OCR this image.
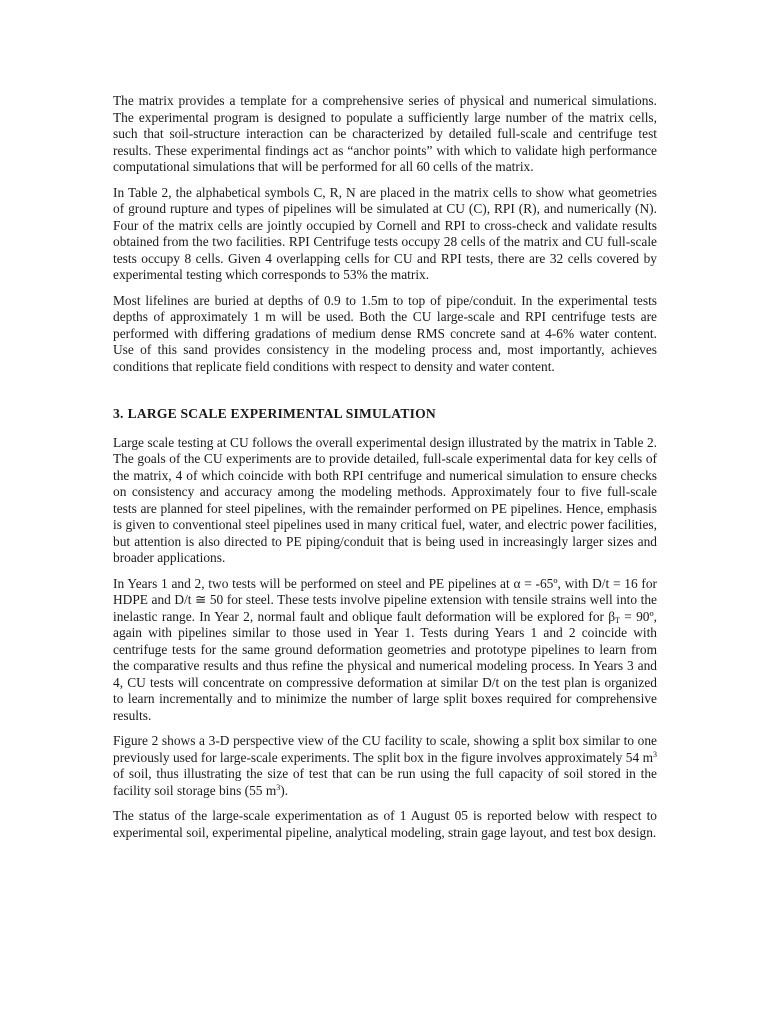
The matrix provides a template for a comprehensive series of physical and numerical simulations. The experimental program is designed to populate a sufficiently large number of the matrix cells, such that soil-structure interaction can be characterized by detailed full-scale and centrifuge test results. These experimental findings act as “anchor points” with which to validate high performance computational simulations that will be performed for all 60 cells of the matrix.

In Table 2, the alphabetical symbols C, R, N are placed in the matrix cells to show what geometries of ground rupture and types of pipelines will be simulated at CU (C), RPI (R), and numerically (N). Four of the matrix cells are jointly occupied by Cornell and RPI to cross-check and validate results obtained from the two facilities. RPI Centrifuge tests occupy 28 cells of the matrix and CU full-scale tests occupy 8 cells. Given 4 overlapping cells for CU and RPI tests, there are 32 cells covered by experimental testing which corresponds to 53% the matrix.

Most lifelines are buried at depths of 0.9 to 1.5m to top of pipe/conduit. In the experimental tests depths of approximately 1 m will be used. Both the CU large-scale and RPI centrifuge tests are performed with differing gradations of medium dense RMS concrete sand at 4-6% water content. Use of this sand provides consistency in the modeling process and, most importantly, achieves conditions that replicate field conditions with respect to density and water content.

3. LARGE SCALE EXPERIMENTAL SIMULATION

Large scale testing at CU follows the overall experimental design illustrated by the matrix in Table 2. The goals of the CU experiments are to provide detailed, full-scale experimental data for key cells of the matrix, 4 of which coincide with both RPI centrifuge and numerical simulation to ensure checks on consistency and accuracy among the modeling methods. Approximately four to five full-scale tests are planned for steel pipelines, with the remainder performed on PE pipelines. Hence, emphasis is given to conventional steel pipelines used in many critical fuel, water, and electric power facilities, but attention is also directed to PE piping/conduit that is being used in increasingly larger sizes and broader applications.

In Years 1 and 2, two tests will be performed on steel and PE pipelines at α = -65º, with D/t = 16 for HDPE and D/t ≅ 50 for steel. These tests involve pipeline extension with tensile strains well into the inelastic range. In Year 2, normal fault and oblique fault deformation will be explored for $\beta_T$ = 90º, again with pipelines similar to those used in Year 1. Tests during Years 1 and 2 coincide with centrifuge tests for the same ground deformation geometries and prototype pipelines to learn from the comparative results and thus refine the physical and numerical modeling process. In Years 3 and 4, CU tests will concentrate on compressive deformation at similar D/t on the test plan is organized to learn incrementally and to minimize the number of large split boxes required for comprehensive results.

Figure 2 shows a 3-D perspective view of the CU facility to scale, showing a split box similar to one previously used for large-scale experiments. The split box in the figure involves approximately 54 $m^3$ of soil, thus illustrating the size of test that can be run using the full capacity of soil stored in the facility soil storage bins (55 $m^3$).

The status of the large-scale experimentation as of 1 August 05 is reported below with respect to experimental soil, experimental pipeline, analytical modeling, strain gage layout, and test box design.
